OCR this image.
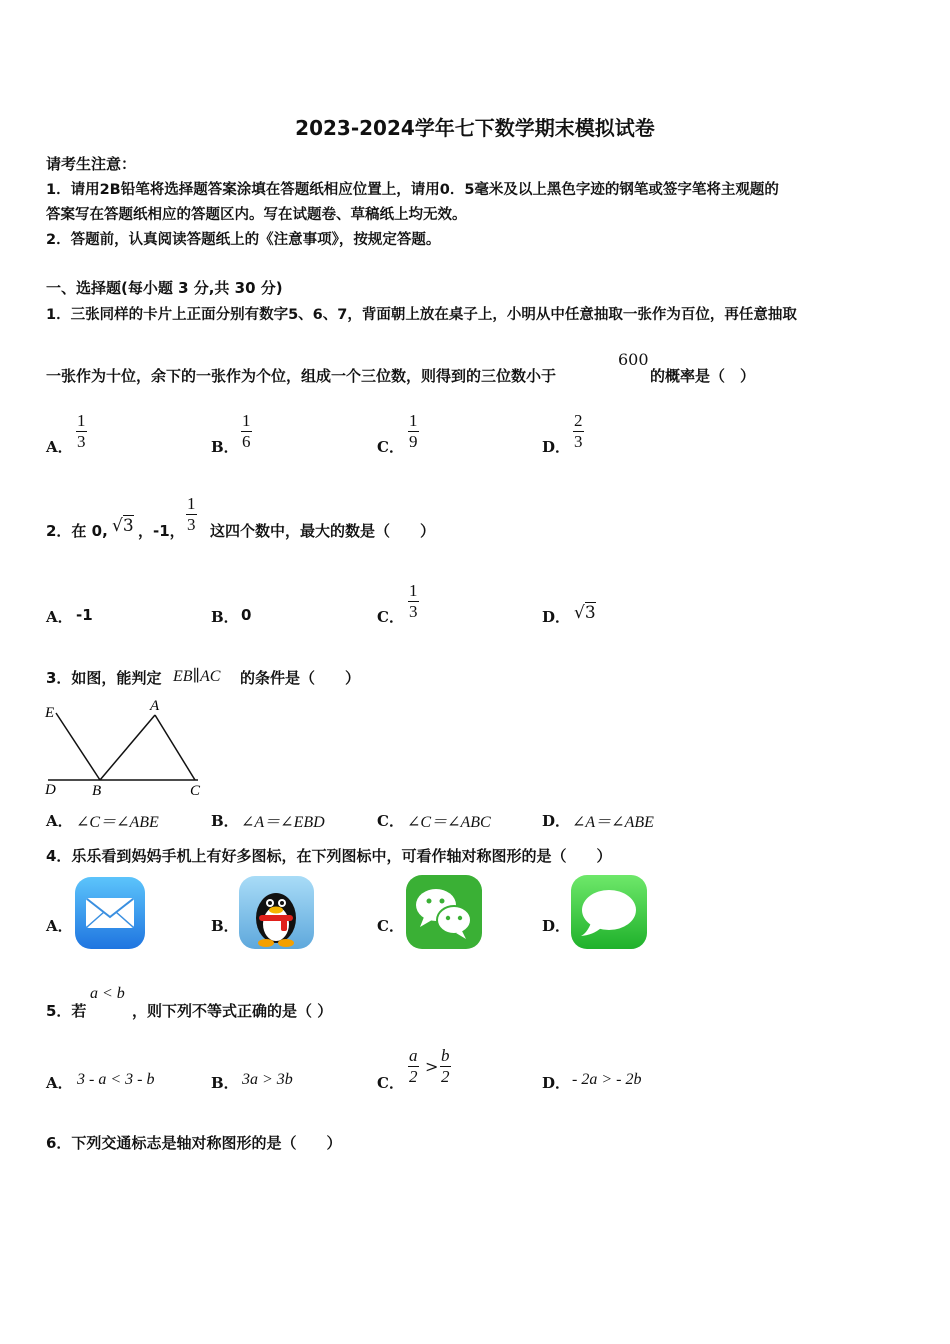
2023-2024学年七下数学期末模拟试卷
请考生注意：
1．请用2B铅笔将选择题答案涂填在答题纸相应位置上，请用0．5毫米及以上黑色字迹的钢笔或签字笔将主观题的
答案写在答题纸相应的答题区内。写在试题卷、草稿纸上均无效。
2．答题前，认真阅读答题纸上的《注意事项》，按规定答题。
一、选择题(每小题 3 分,共 30 分)
1．三张同样的卡片上正面分别有数字5、6、7，背面朝上放在桌子上，小明从中任意抽取一张作为百位，再任意抽取
一张作为十位，余下的一张作为个位，组成一个三位数，则得到的三位数小于
600
的概率是（　）
A． $\frac{1}{3}$	B． $\frac{1}{6}$	C． $\frac{1}{9}$	D． $\frac{2}{3}$
2．在 0, √3 ，-1， $\frac{1}{3}$ 这四个数中，最大的数是（　　）
A． -1	B． 0	C． $\frac{1}{3}$	D． √3
3．如图，能判定 EB∥AC 的条件是（　　）
E	A
D B	C
A． ∠C＝∠ABE	B． ∠A＝∠EBD	C． ∠C＝∠ABC	D． ∠A＝∠ABE
4．乐乐看到妈妈手机上有好多图标，在下列图标中，可看作轴对称图形的是（　　）
A．	B．	C．	D．
5．若
a < b
，则下列不等式正确的是（ ）
A． 3 - a < 3 - b	B． 3a > 3b	C． $\frac{a}{2} > \frac{b}{2}$	D． - 2a > - 2b
6．下列交通标志是轴对称图形的是（　　）
